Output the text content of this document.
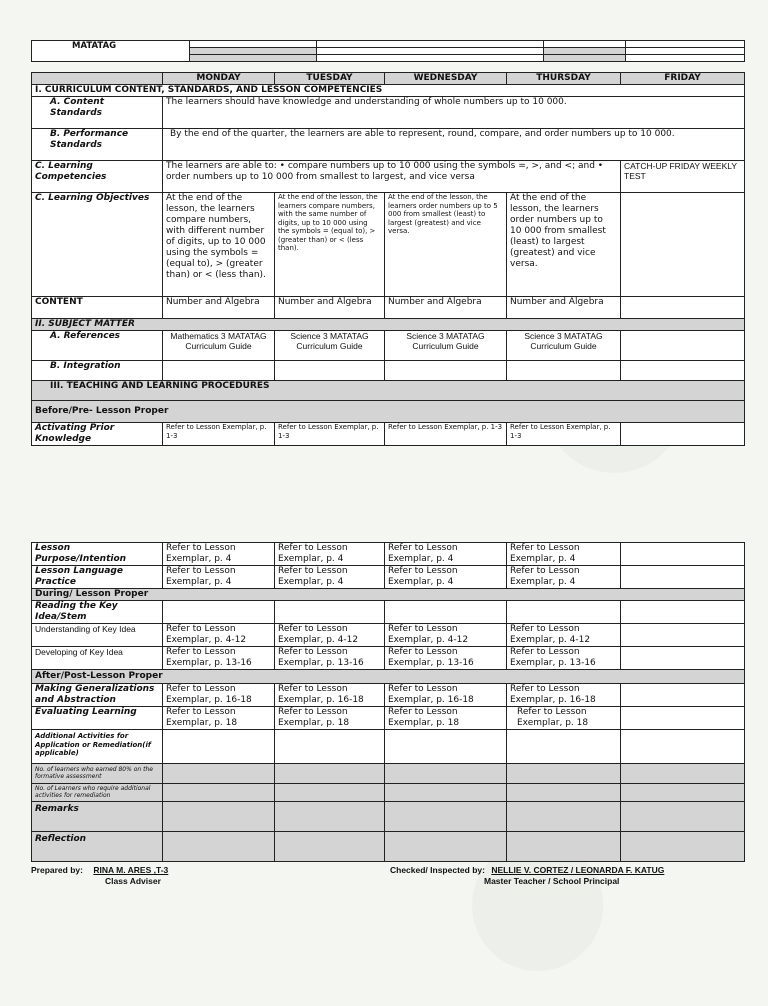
MATATAG				

	MONDAY	TUESDAY	WEDNESDAY	THURSDAY	FRIDAY
I. CURRICULUM CONTENT, STANDARDS, AND LESSON COMPETENCIES					
A. Content Standards	The learners should have knowledge and understanding of whole numbers up to 10 000.				
B. Performance Standards	By the end of the quarter, the learners are able to represent, round, compare, and order numbers up to 10 000.				
C. Learning Competencies	The learners are able to: • compare numbers up to 10 000 using the symbols =, >, and <; and • order numbers up to 10 000 from smallest to largest, and vice versa				CATCH-UP FRIDAY WEEKLY TEST
C. Learning Objectives	At the end of the lesson, the learners compare numbers, with different number of digits, up to 10 000 using the symbols = (equal to), > (greater than) or < (less than).	At the end of the lesson, the learners compare numbers, with the same number of digits, up to 10 000 using the symbols = (equal to), > (greater than) or < (less than).	At the end of the lesson, the learners order numbers up to 5 000 from smallest (least) to largest (greatest) and vice versa.	At the end of the lesson, the learners order numbers up to 10 000 from smallest (least) to largest (greatest) and vice versa.	
CONTENT	Number and Algebra	Number and Algebra	Number and Algebra	Number and Algebra	
II. SUBJECT MATTER					
A. References	Mathematics 3 MATATAG Curriculum Guide	Science 3 MATATAG Curriculum Guide	Science 3 MATATAG Curriculum Guide	Science 3 MATATAG Curriculum Guide	
B. Integration					
III. TEACHING AND LEARNING PROCEDURES					
Before/Pre- Lesson Proper					
Activating Prior Knowledge	Refer to Lesson Exemplar, p. 1-3	Refer to Lesson Exemplar, p. 1-3	Refer to Lesson Exemplar, p. 1-3	Refer to Lesson Exemplar, p. 1-3	
Lesson Purpose/Intention	Refer to Lesson Exemplar, p. 4	Refer to Lesson Exemplar, p. 4	Refer to Lesson Exemplar, p. 4	Refer to Lesson Exemplar, p. 4	
Lesson Language Practice	Refer to Lesson Exemplar, p. 4	Refer to Lesson Exemplar, p. 4	Refer to Lesson Exemplar, p. 4	Refer to Lesson Exemplar, p. 4	
During/ Lesson Proper					
Reading the Key Idea/Stem					
Understanding of Key Idea	Refer to Lesson Exemplar, p. 4-12	Refer to Lesson Exemplar, p. 4-12	Refer to Lesson Exemplar, p. 4-12	Refer to Lesson Exemplar, p. 4-12	
Developing of Key Idea	Refer to Lesson Exemplar, p. 13-16	Refer to Lesson Exemplar, p. 13-16	Refer to Lesson Exemplar, p. 13-16	Refer to Lesson Exemplar, p. 13-16	
After/Post-Lesson Proper					
Making Generalizations and Abstraction	Refer to Lesson Exemplar, p. 16-18	Refer to Lesson Exemplar, p. 16-18	Refer to Lesson Exemplar, p. 16-18	Refer to Lesson Exemplar, p. 16-18	
Evaluating Learning	Refer to Lesson Exemplar, p. 18	Refer to Lesson Exemplar, p. 18	Refer to Lesson Exemplar, p. 18	Refer to Lesson Exemplar, p. 18	
Additional Activities for Application or Remediation(if applicable)					
No. of learners who earned 80% on the formative assessment					
No. of Learners who require additional activities for remediation					
Remarks					
Reflection					
Prepared by: RINA M. ARES ,T-3
Class Adviser
Checked/ Inspected by: NELLIE V. CORTEZ / LEONARDA F. KATUG
Master Teacher / School Principal
